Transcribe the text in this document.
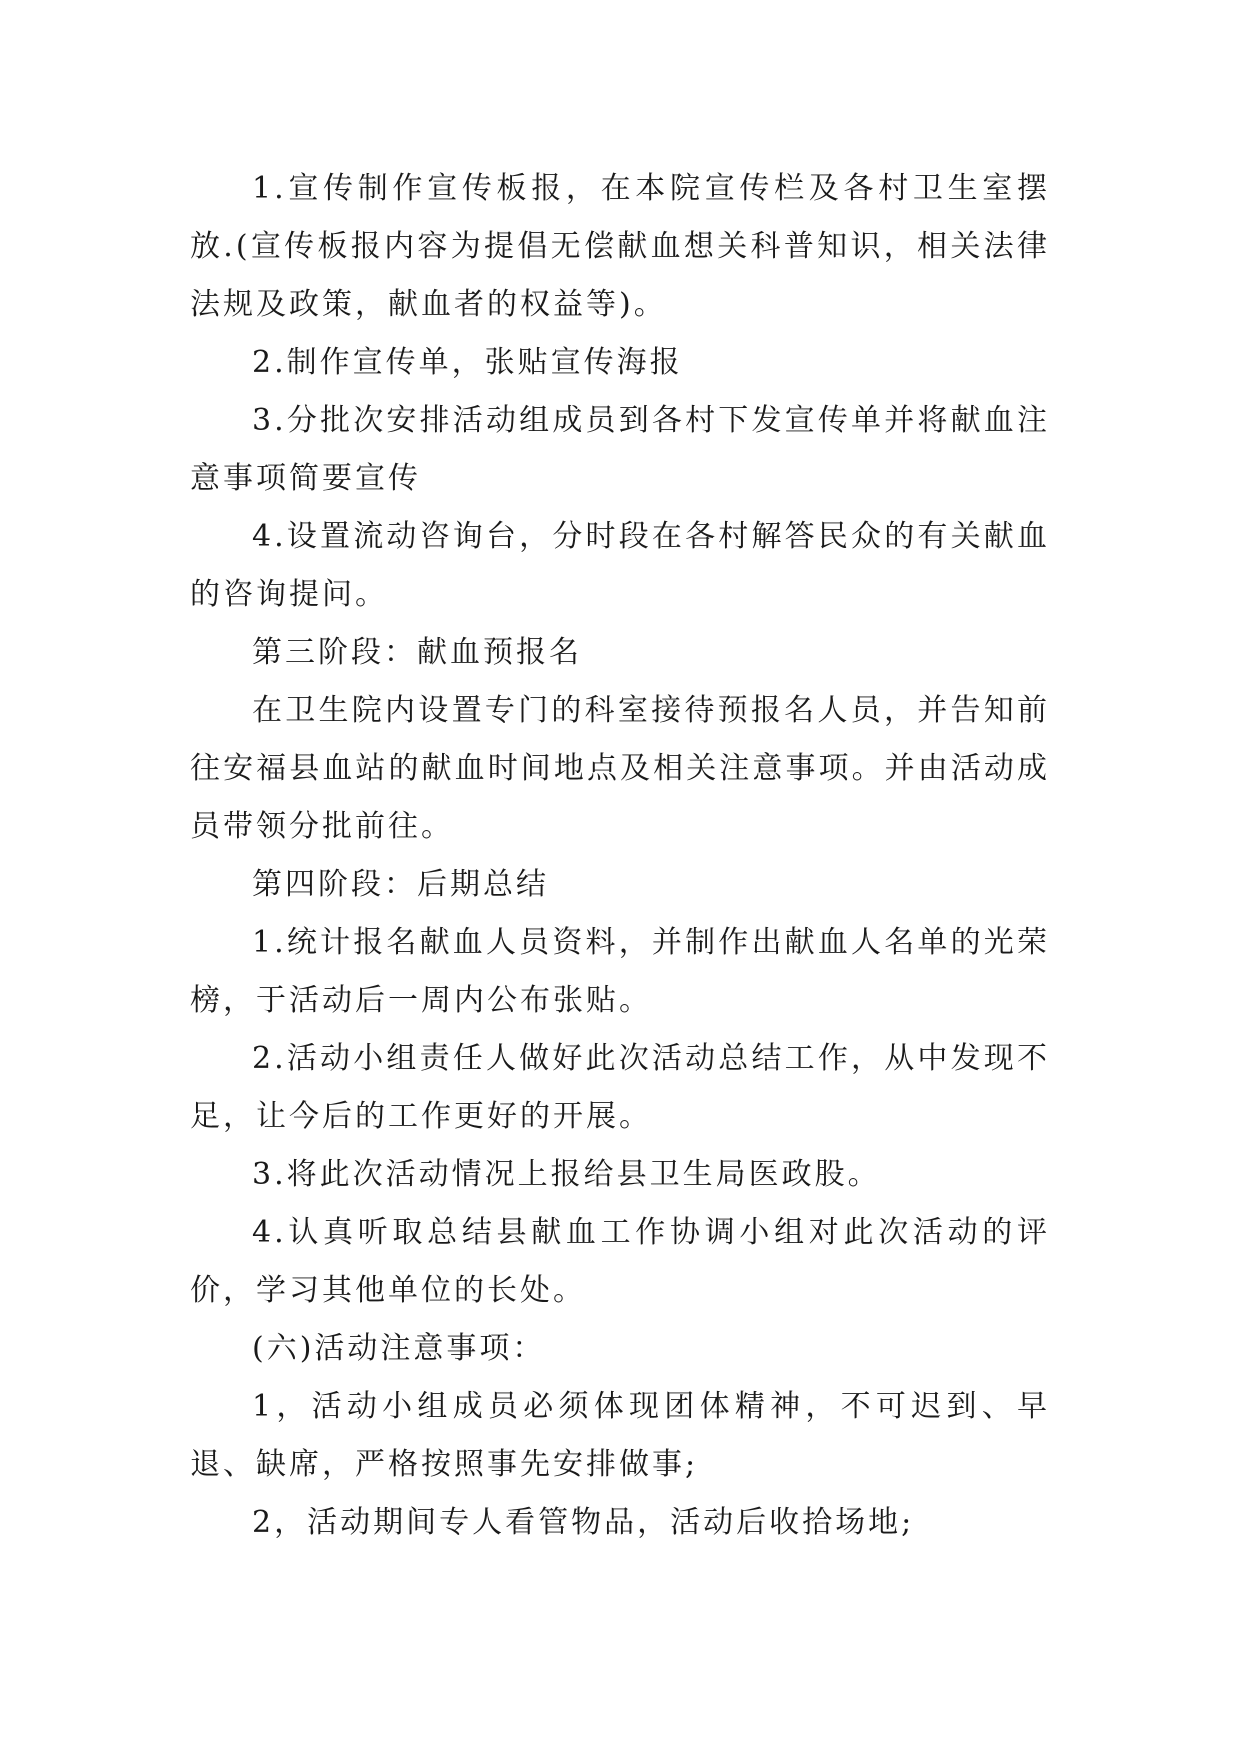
1.宣传制作宣传板报，在本院宣传栏及各村卫生室摆放.(宣传板报内容为提倡无偿献血想关科普知识，相关法律法规及政策，献血者的权益等)。

2.制作宣传单，张贴宣传海报

3.分批次安排活动组成员到各村下发宣传单并将献血注意事项简要宣传

4.设置流动咨询台，分时段在各村解答民众的有关献血的咨询提问。

第三阶段：献血预报名

在卫生院内设置专门的科室接待预报名人员，并告知前往安福县血站的献血时间地点及相关注意事项。并由活动成员带领分批前往。

第四阶段：后期总结

1.统计报名献血人员资料，并制作出献血人名单的光荣榜，于活动后一周内公布张贴。

2.活动小组责任人做好此次活动总结工作，从中发现不足，让今后的工作更好的开展。

3.将此次活动情况上报给县卫生局医政股。

4.认真听取总结县献血工作协调小组对此次活动的评价，学习其他单位的长处。

(六)活动注意事项：

1，活动小组成员必须体现团体精神，不可迟到、早退、缺席，严格按照事先安排做事;

2，活动期间专人看管物品，活动后收拾场地;
